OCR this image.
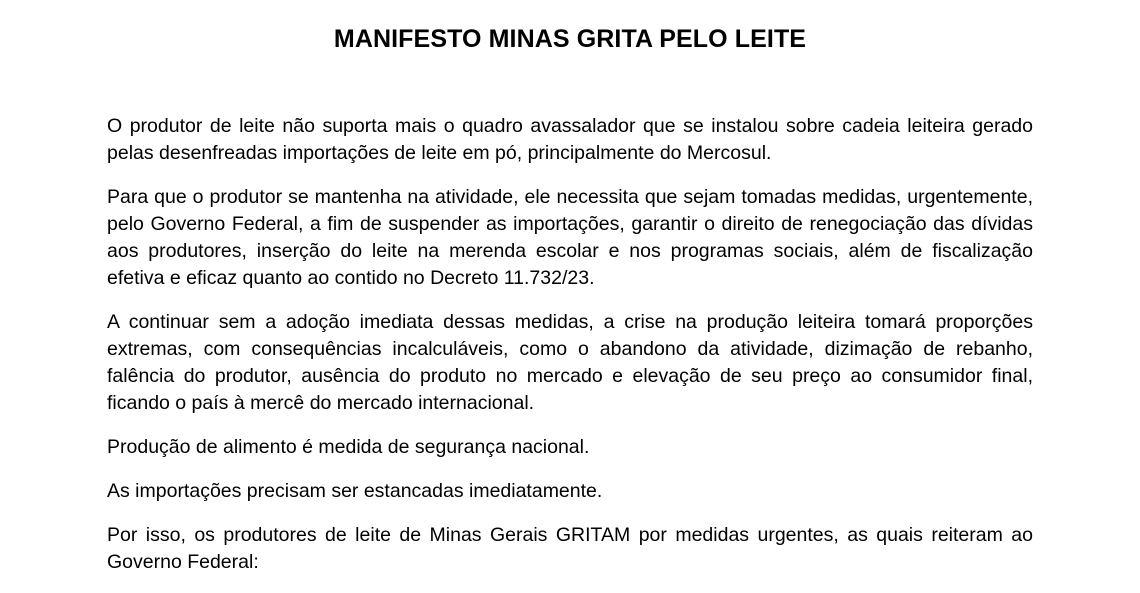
MANIFESTO MINAS GRITA PELO LEITE

O produtor de leite não suporta mais o quadro avassalador que se instalou sobre cadeia leiteira gerado pelas desenfreadas importações de leite em pó, principalmente do Mercosul.

Para que o produtor se mantenha na atividade, ele necessita que sejam tomadas medidas, urgentemente, pelo Governo Federal, a fim de suspender as importações, garantir o direito de renegociação das dívidas aos produtores, inserção do leite na merenda escolar e nos programas sociais, além de fiscalização efetiva e eficaz quanto ao contido no Decreto 11.732/23.

A continuar sem a adoção imediata dessas medidas, a crise na produção leiteira tomará proporções extremas, com consequências incalculáveis, como o abandono da atividade, dizimação de rebanho, falência do produtor, ausência do produto no mercado e elevação de seu preço ao consumidor final, ficando o país à mercê do mercado internacional.

Produção de alimento é medida de segurança nacional.

As importações precisam ser estancadas imediatamente.

Por isso, os produtores de leite de Minas Gerais GRITAM por medidas urgentes, as quais reiteram ao Governo Federal:
